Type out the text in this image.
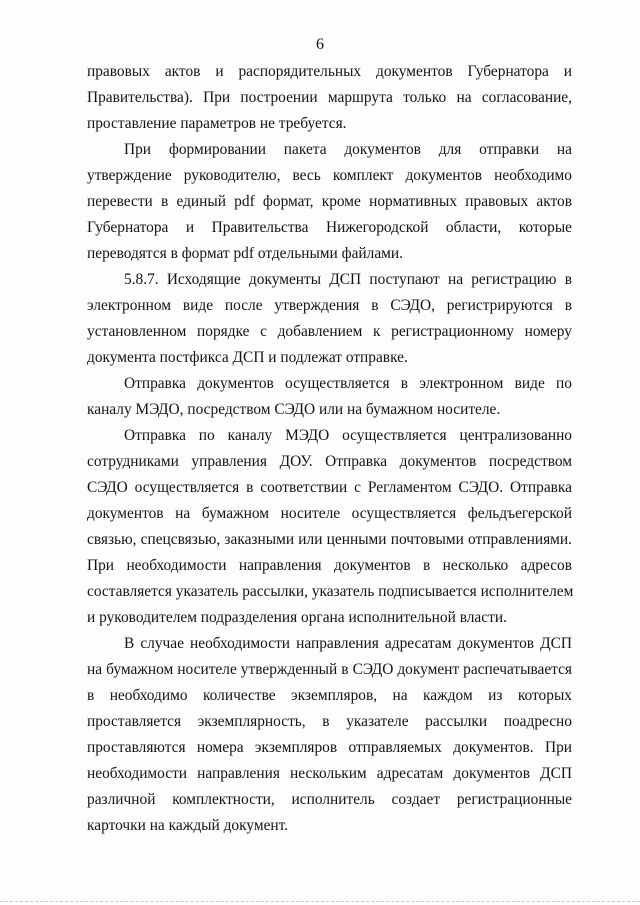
6
правовых актов и распорядительных документов Губернатора и
Правительства). При построении маршрута только на согласование,
проставление параметров не требуется.
При формировании пакета документов для отправки на
утверждение руководителю, весь комплект документов необходимо
перевести в единый pdf формат, кроме нормативных правовых актов
Губернатора и Правительства Нижегородской области, которые
переводятся в формат pdf отдельными файлами.
5.8.7. Исходящие документы ДСП поступают на регистрацию в
электронном виде после утверждения в СЭДО, регистрируются в
установленном порядке с добавлением к регистрационному номеру
документа постфикса ДСП и подлежат отправке.
Отправка документов осуществляется в электронном виде по
каналу МЭДО, посредством СЭДО или на бумажном носителе.
Отправка по каналу МЭДО осуществляется централизованно
сотрудниками управления ДОУ. Отправка документов посредством
СЭДО осуществляется в соответствии с Регламентом СЭДО. Отправка
документов на бумажном носителе осуществляется фельдъегерской
связью, спецсвязью, заказными или ценными почтовыми отправлениями.
При необходимости направления документов в несколько адресов
составляется указатель рассылки, указатель подписывается исполнителем
и руководителем подразделения органа исполнительной власти.
В случае необходимости направления адресатам документов ДСП
на бумажном носителе утвержденный в СЭДО документ распечатывается
в необходимо количестве экземпляров, на каждом из которых
проставляется экземплярность, в указателе рассылки поадресно
проставляются номера экземпляров отправляемых документов. При
необходимости направления нескольким адресатам документов ДСП
различной комплектности, исполнитель создает регистрационные
карточки на каждый документ.
